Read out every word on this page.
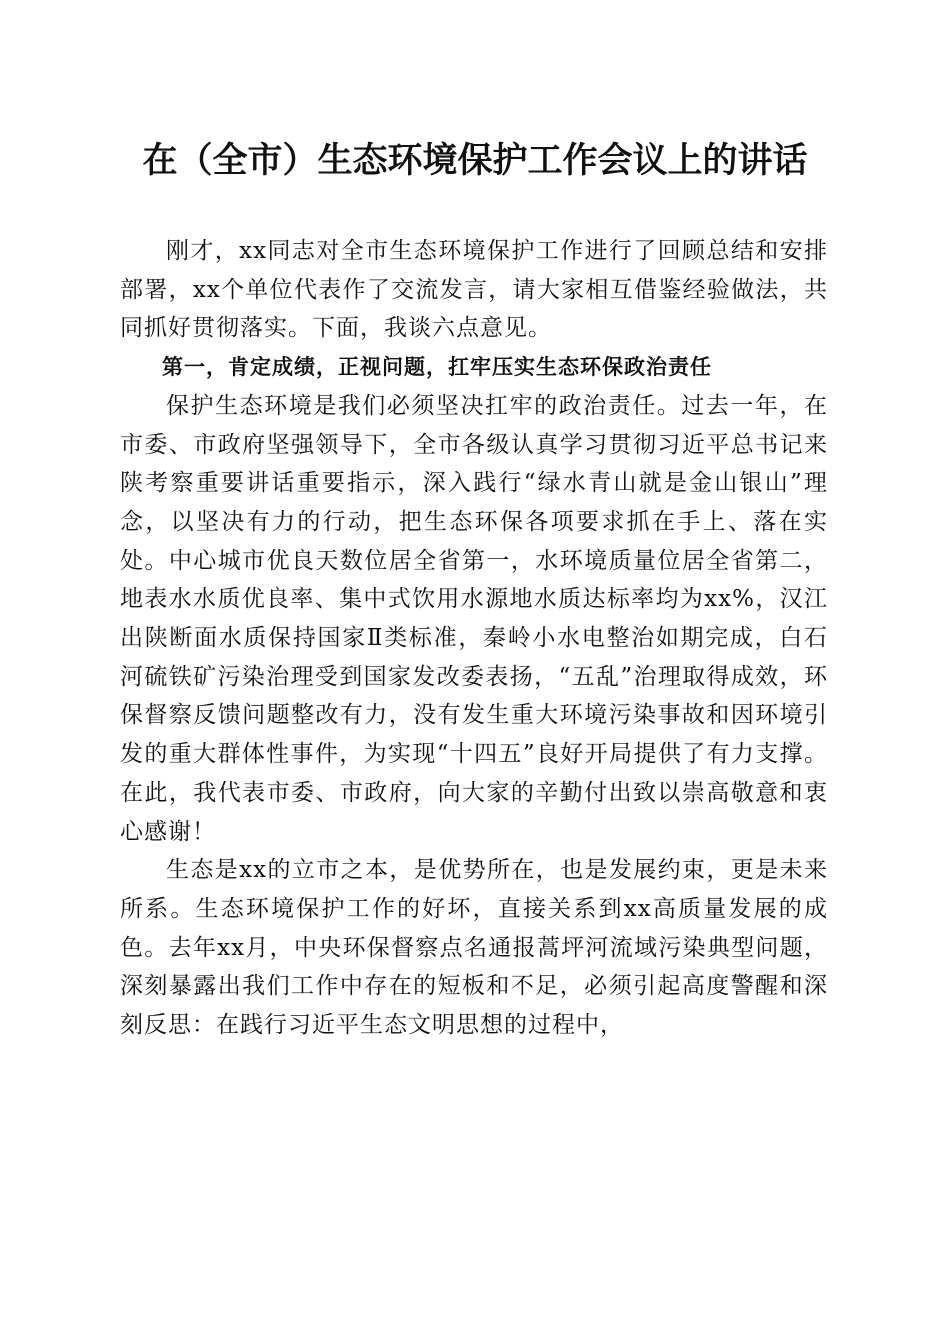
在（全市）生态环境保护工作会议上的讲话

刚才，xx同志对全市生态环境保护工作进行了回顾总结和安排部署，xx个单位代表作了交流发言，请大家相互借鉴经验做法，共同抓好贯彻落实。下面，我谈六点意见。

第一，肯定成绩，正视问题，扛牢压实生态环保政治责任

保护生态环境是我们必须坚决扛牢的政治责任。过去一年，在市委、市政府坚强领导下，全市各级认真学习贯彻习近平总书记来陕考察重要讲话重要指示，深入践行“绿水青山就是金山银山”理念，以坚决有力的行动，把生态环保各项要求抓在手上、落在实处。中心城市优良天数位居全省第一，水环境质量位居全省第二，地表水水质优良率、集中式饮用水源地水质达标率均为xx%，汉江出陕断面水质保持国家Ⅱ类标准，秦岭小水电整治如期完成，白石河硫铁矿污染治理受到国家发改委表扬，“五乱”治理取得成效，环保督察反馈问题整改有力，没有发生重大环境污染事故和因环境引发的重大群体性事件，为实现“十四五”良好开局提供了有力支撑。在此，我代表市委、市政府，向大家的辛勤付出致以崇高敬意和衷心感谢！

生态是xx的立市之本，是优势所在，也是发展约束，更是未来所系。生态环境保护工作的好坏，直接关系到xx高质量发展的成色。去年xx月，中央环保督察点名通报蒿坪河流域污染典型问题，深刻暴露出我们工作中存在的短板和不足，必须引起高度警醒和深刻反思：在践行习近平生态文明思想的过程中，
